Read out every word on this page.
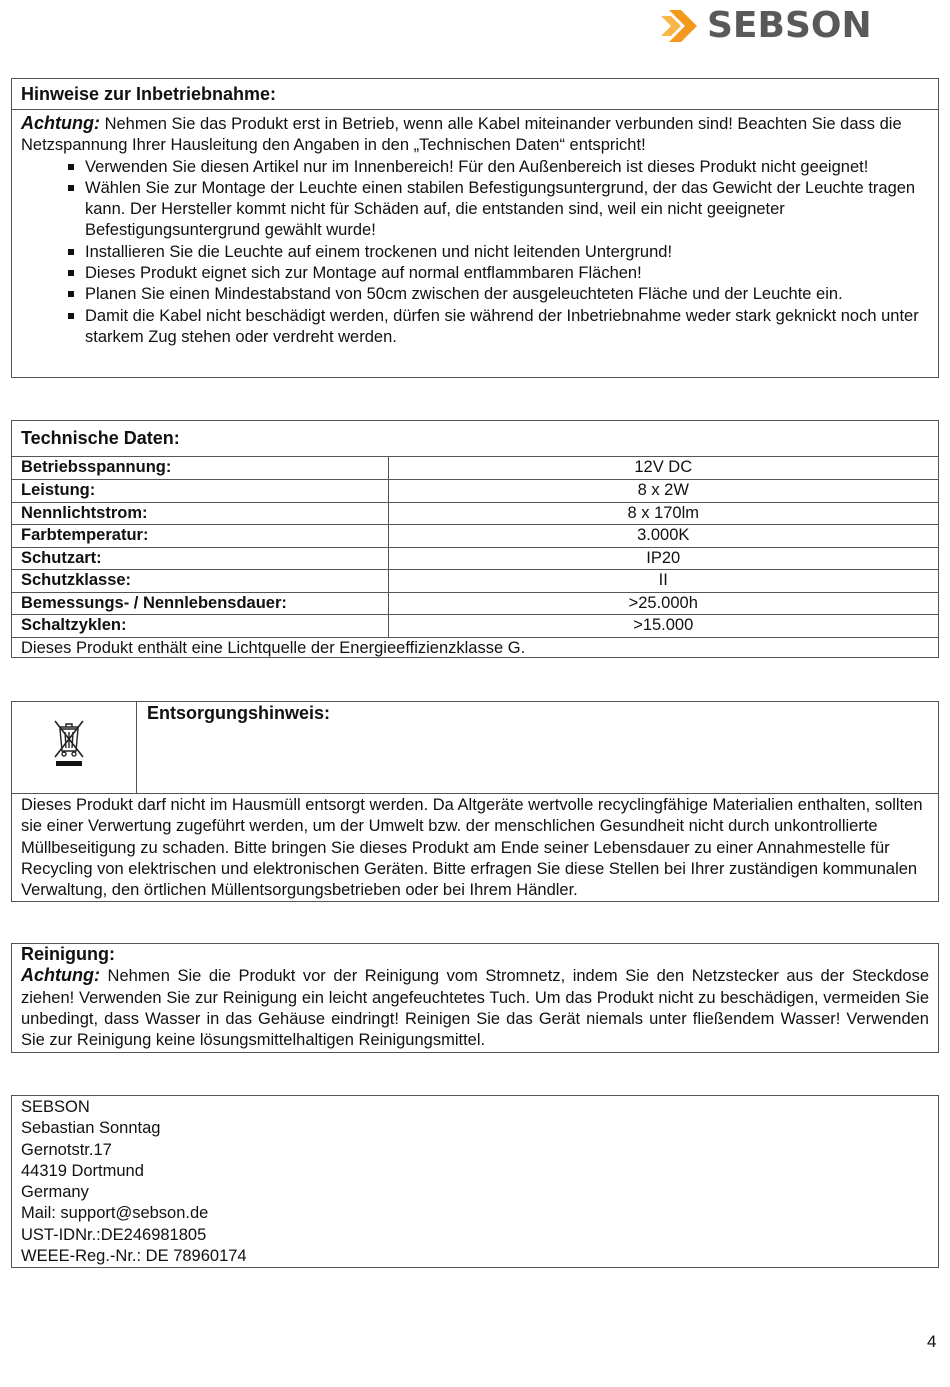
SEBSON
Hinweise zur Inbetriebnahme:

Achtung: Nehmen Sie das Produkt erst in Betrieb, wenn alle Kabel miteinander verbunden sind! Beachten Sie dass die Netzspannung Ihrer Hausleitung den Angaben in den „Technischen Daten“ entspricht!

Verwenden Sie diesen Artikel nur im Innenbereich! Für den Außenbereich ist dieses Produkt nicht geeignet!
Wählen Sie zur Montage der Leuchte einen stabilen Befestigungsuntergrund, der das Gewicht der Leuchte tragen kann. Der Hersteller kommt nicht für Schäden auf, die entstanden sind, weil ein nicht geeigneter Befestigungsuntergrund gewählt wurde!
Installieren Sie die Leuchte auf einem trockenen und nicht leitenden Untergrund!
Dieses Produkt eignet sich zur Montage auf normal entflammbaren Flächen!
Planen Sie einen Mindestabstand von 50cm zwischen der ausgeleuchteten Fläche und der Leuchte ein.
Damit die Kabel nicht beschädigt werden, dürfen sie während der Inbetriebnahme weder stark geknickt noch unter starkem Zug stehen oder verdreht werden.
Technische Daten:
Betriebsspannung:	12V DC
Leistung:	8 x 2W
Nennlichtstrom:	8 x 170lm
Farbtemperatur:	3.000K
Schutzart:	IP20
Schutzklasse:	II
Bemessungs- / Nennlebensdauer:	>25.000h
Schaltzyklen:	>15.000
Dieses Produkt enthält eine Lichtquelle der Energieeffizienzklasse G.
Entsorgungshinweis:
Dieses Produkt darf nicht im Hausmüll entsorgt werden. Da Altgeräte wertvolle recyclingfähige Materialien enthalten, sollten sie einer Verwertung zugeführt werden, um der Umwelt bzw. der menschlichen Gesundheit nicht durch unkontrollierte Müllbeseitigung zu schaden. Bitte bringen Sie dieses Produkt am Ende seiner Lebensdauer zu einer Annahmestelle für Recycling von elektrischen und elektronischen Geräten. Bitte erfragen Sie diese Stellen bei Ihrer zuständigen kommunalen Verwaltung, den örtlichen Müllentsorgungsbetrieben oder bei Ihrem Händler.
Reinigung:

Achtung: Nehmen Sie die Produkt vor der Reinigung vom Stromnetz, indem Sie den Netzstecker aus der Steckdose ziehen! Verwenden Sie zur Reinigung ein leicht angefeuchtetes Tuch. Um das Produkt nicht zu beschädigen, vermeiden Sie unbedingt, dass Wasser in das Gehäuse eindringt! Reinigen Sie das Gerät niemals unter fließendem Wasser! Verwenden Sie zur Reinigung keine lösungsmittelhaltigen Reinigungsmittel.

SEBSON
Sebastian Sonntag
Gernotstr.17
44319 Dortmund
Germany
Mail: support@sebson.de
UST-IDNr.:DE246981805
WEEE-Reg.-Nr.: DE 78960174
4
